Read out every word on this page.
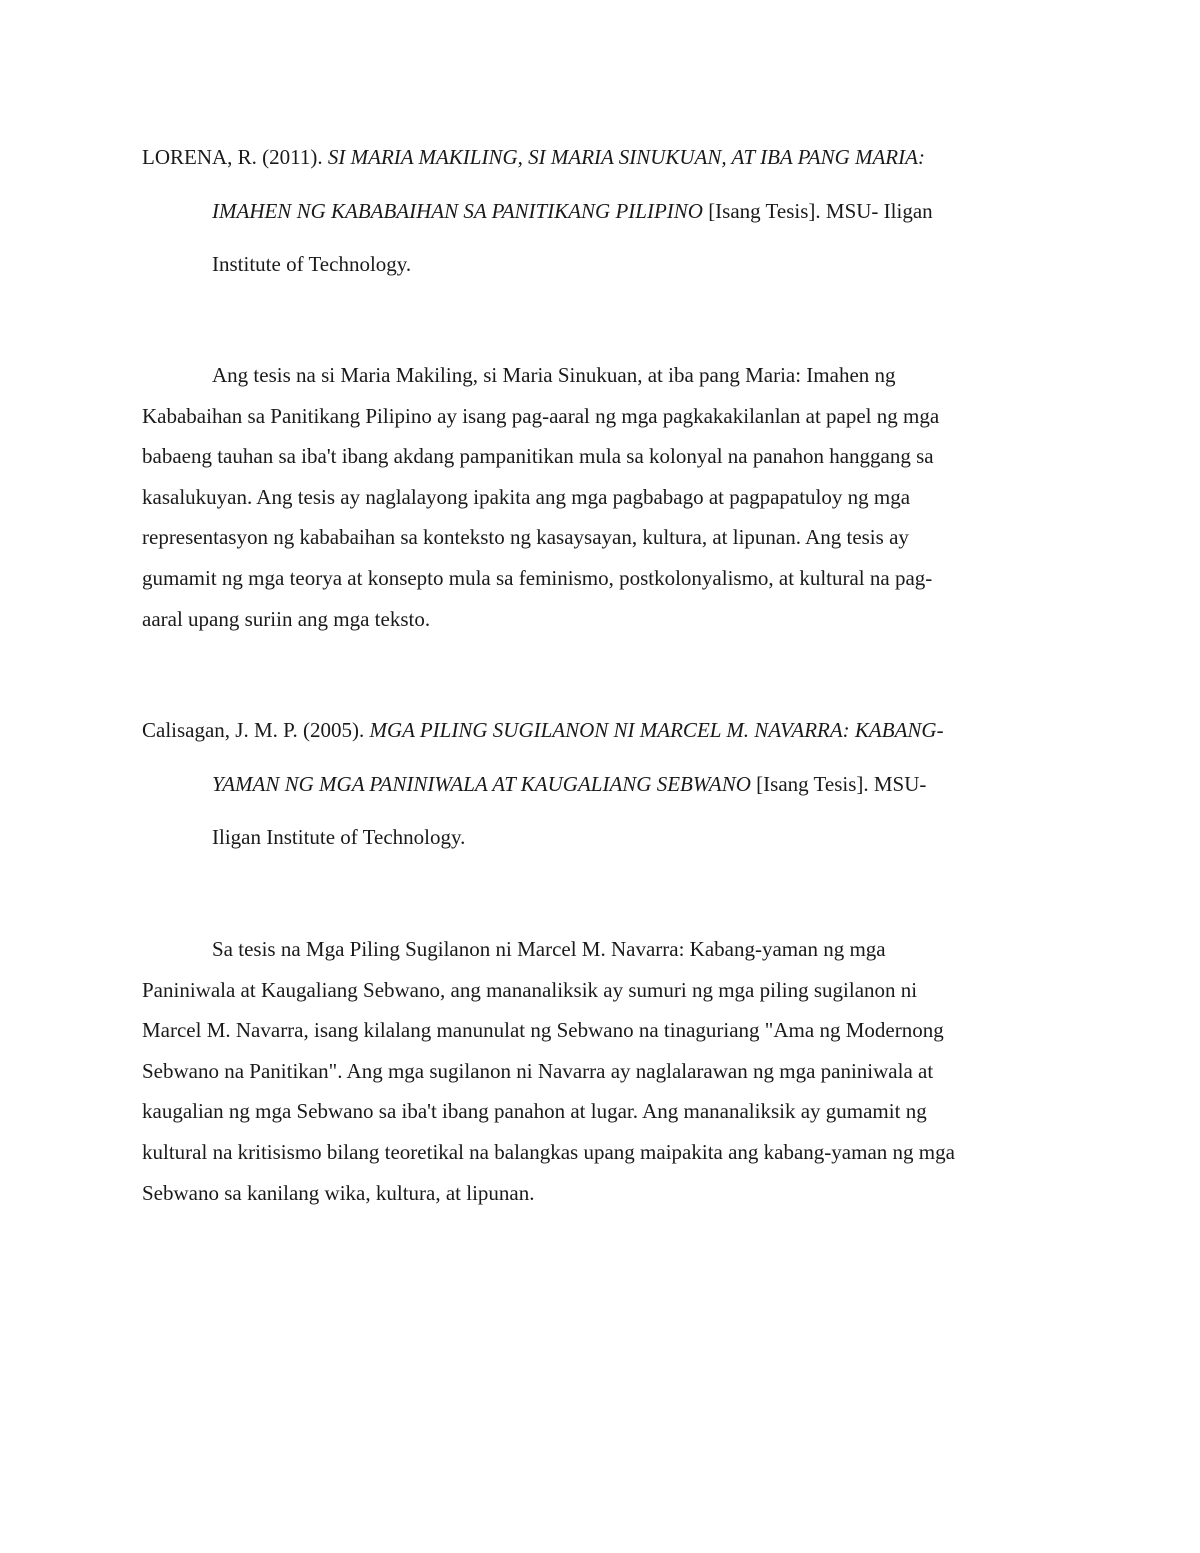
LORENA, R. (2011). SI MARIA MAKILING, SI MARIA SINUKUAN, AT IBA PANG MARIA:
IMAHEN NG KABABAIHAN SA PANITIKANG PILIPINO [Isang Tesis]. MSU- Iligan
Institute of Technology.
Ang tesis na si Maria Makiling, si Maria Sinukuan, at iba pang Maria: Imahen ng
Kababaihan sa Panitikang Pilipino ay isang pag-aaral ng mga pagkakakilanlan at papel ng mga
babaeng tauhan sa iba't ibang akdang pampanitikan mula sa kolonyal na panahon hanggang sa
kasalukuyan. Ang tesis ay naglalayong ipakita ang mga pagbabago at pagpapatuloy ng mga
representasyon ng kababaihan sa konteksto ng kasaysayan, kultura, at lipunan. Ang tesis ay
gumamit ng mga teorya at konsepto mula sa feminismo, postkolonyalismo, at kultural na pag-
aaral upang suriin ang mga teksto.
Calisagan, J. M. P. (2005). MGA PILING SUGILANON NI MARCEL M. NAVARRA: KABANG-
YAMAN NG MGA PANINIWALA AT KAUGALIANG SEBWANO [Isang Tesis]. MSU-
Iligan Institute of Technology.
Sa tesis na Mga Piling Sugilanon ni Marcel M. Navarra: Kabang-yaman ng mga
Paniniwala at Kaugaliang Sebwano, ang mananaliksik ay sumuri ng mga piling sugilanon ni
Marcel M. Navarra, isang kilalang manunulat ng Sebwano na tinaguriang "Ama ng Modernong
Sebwano na Panitikan". Ang mga sugilanon ni Navarra ay naglalarawan ng mga paniniwala at
kaugalian ng mga Sebwano sa iba't ibang panahon at lugar. Ang mananaliksik ay gumamit ng
kultural na kritisismo bilang teoretikal na balangkas upang maipakita ang kabang-yaman ng mga
Sebwano sa kanilang wika, kultura, at lipunan.
